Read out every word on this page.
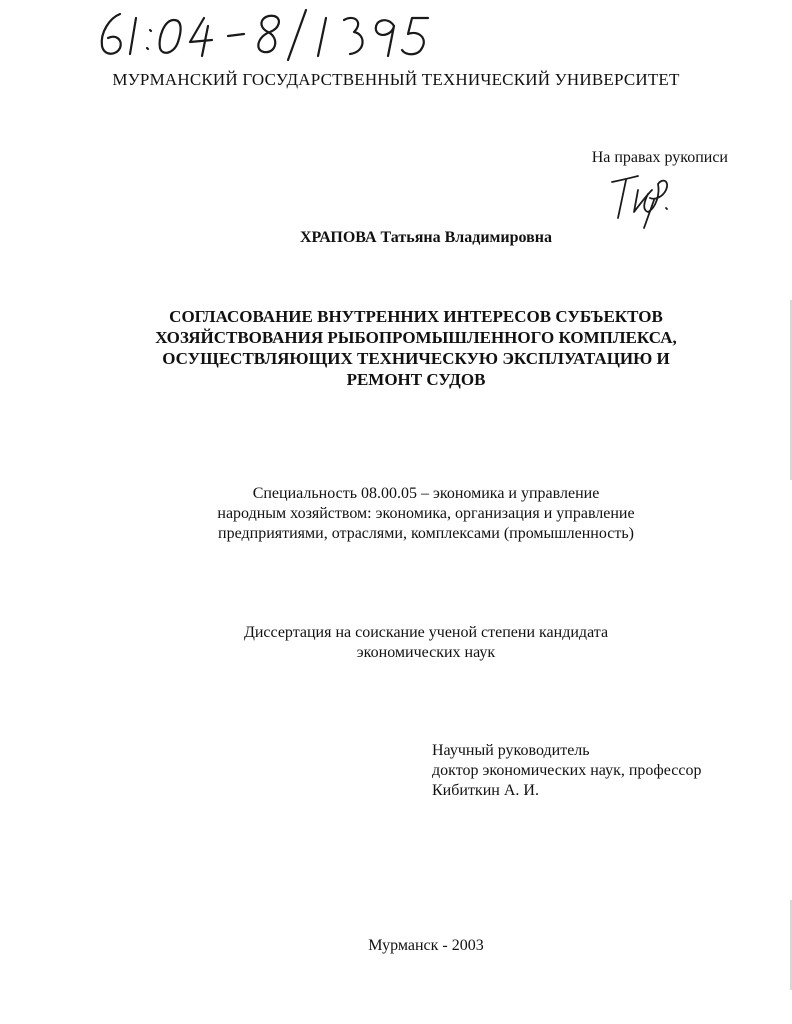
МУРМАНСКИЙ ГОСУДАРСТВЕННЫЙ ТЕХНИЧЕСКИЙ УНИВЕРСИТЕТ
На правах рукописи
ХРАПОВА Татьяна Владимировна
СОГЛАСОВАНИЕ ВНУТРЕННИХ ИНТЕРЕСОВ СУБЪЕКТОВ
ХОЗЯЙСТВОВАНИЯ РЫБОПРОМЫШЛЕННОГО КОМПЛЕКСА,
ОСУЩЕСТВЛЯЮЩИХ ТЕХНИЧЕСКУЮ ЭКСПЛУАТАЦИЮ И
РЕМОНТ СУДОВ
Специальность 08.00.05 – экономика и управление
народным хозяйством: экономика, организация и управление
предприятиями, отраслями, комплексами (промышленность)
Диссертация на соискание ученой степени кандидата
экономических наук
Научный руководитель
доктор экономических наук, профессор
Кибиткин А. И.
Мурманск - 2003
